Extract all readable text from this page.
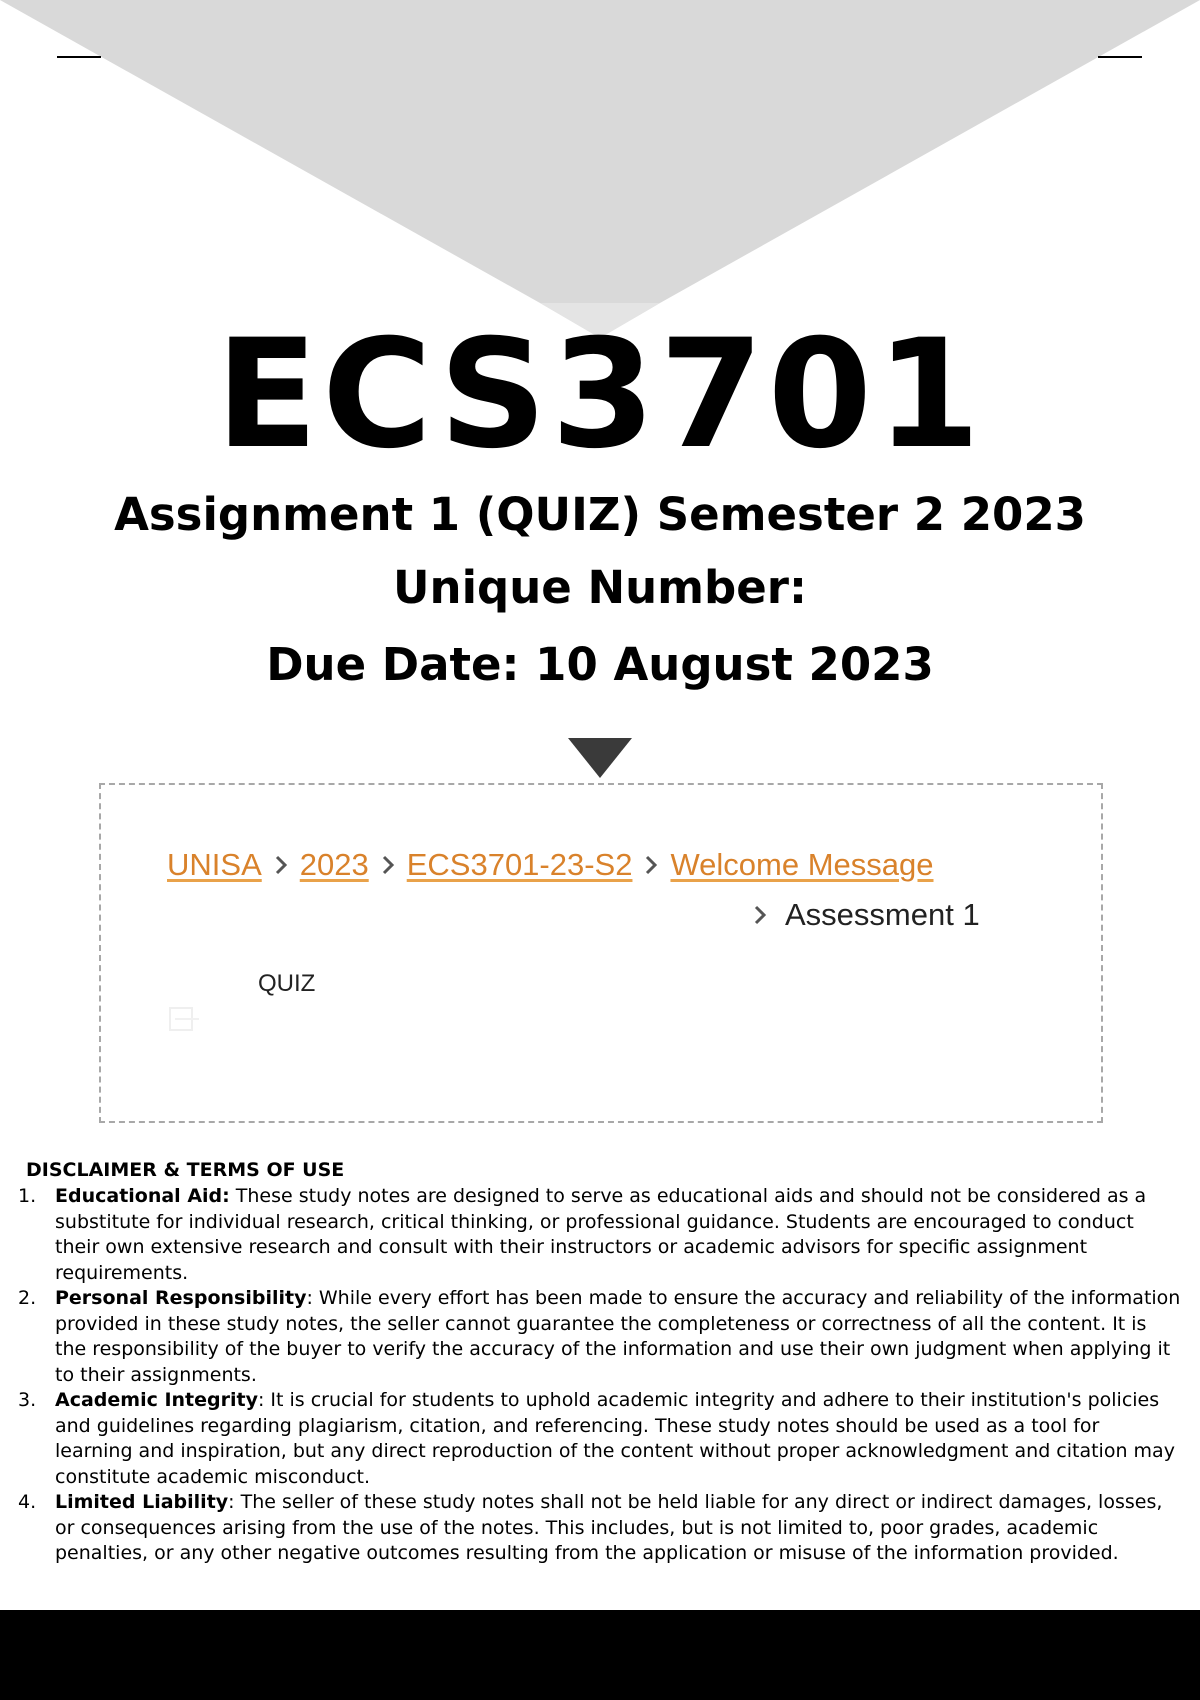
ECS3701
Assignment 1 (QUIZ) Semester 2 2023
Unique Number:
Due Date: 10 August 2023
UNISA 2023 ECS3701-23-S2 Welcome Message
Assessment 1
QUIZ
DISCLAIMER & TERMS OF USE
1. Educational Aid: These study notes are designed to serve as educational aids and should not be considered as a substitute for individual research, critical thinking, or professional guidance. Students are encouraged to conduct their own extensive research and consult with their instructors or academic advisors for specific assignment requirements.
2. Personal Responsibility: While every effort has been made to ensure the accuracy and reliability of the information provided in these study notes, the seller cannot guarantee the completeness or correctness of all the content. It is the responsibility of the buyer to verify the accuracy of the information and use their own judgment when applying it to their assignments.
3. Academic Integrity: It is crucial for students to uphold academic integrity and adhere to their institution's policies and guidelines regarding plagiarism, citation, and referencing. These study notes should be used as a tool for learning and inspiration, but any direct reproduction of the content without proper acknowledgment and citation may constitute academic misconduct.
4. Limited Liability: The seller of these study notes shall not be held liable for any direct or indirect damages, losses, or consequences arising from the use of the notes. This includes, but is not limited to, poor grades, academic penalties, or any other negative outcomes resulting from the application or misuse of the information provided.
